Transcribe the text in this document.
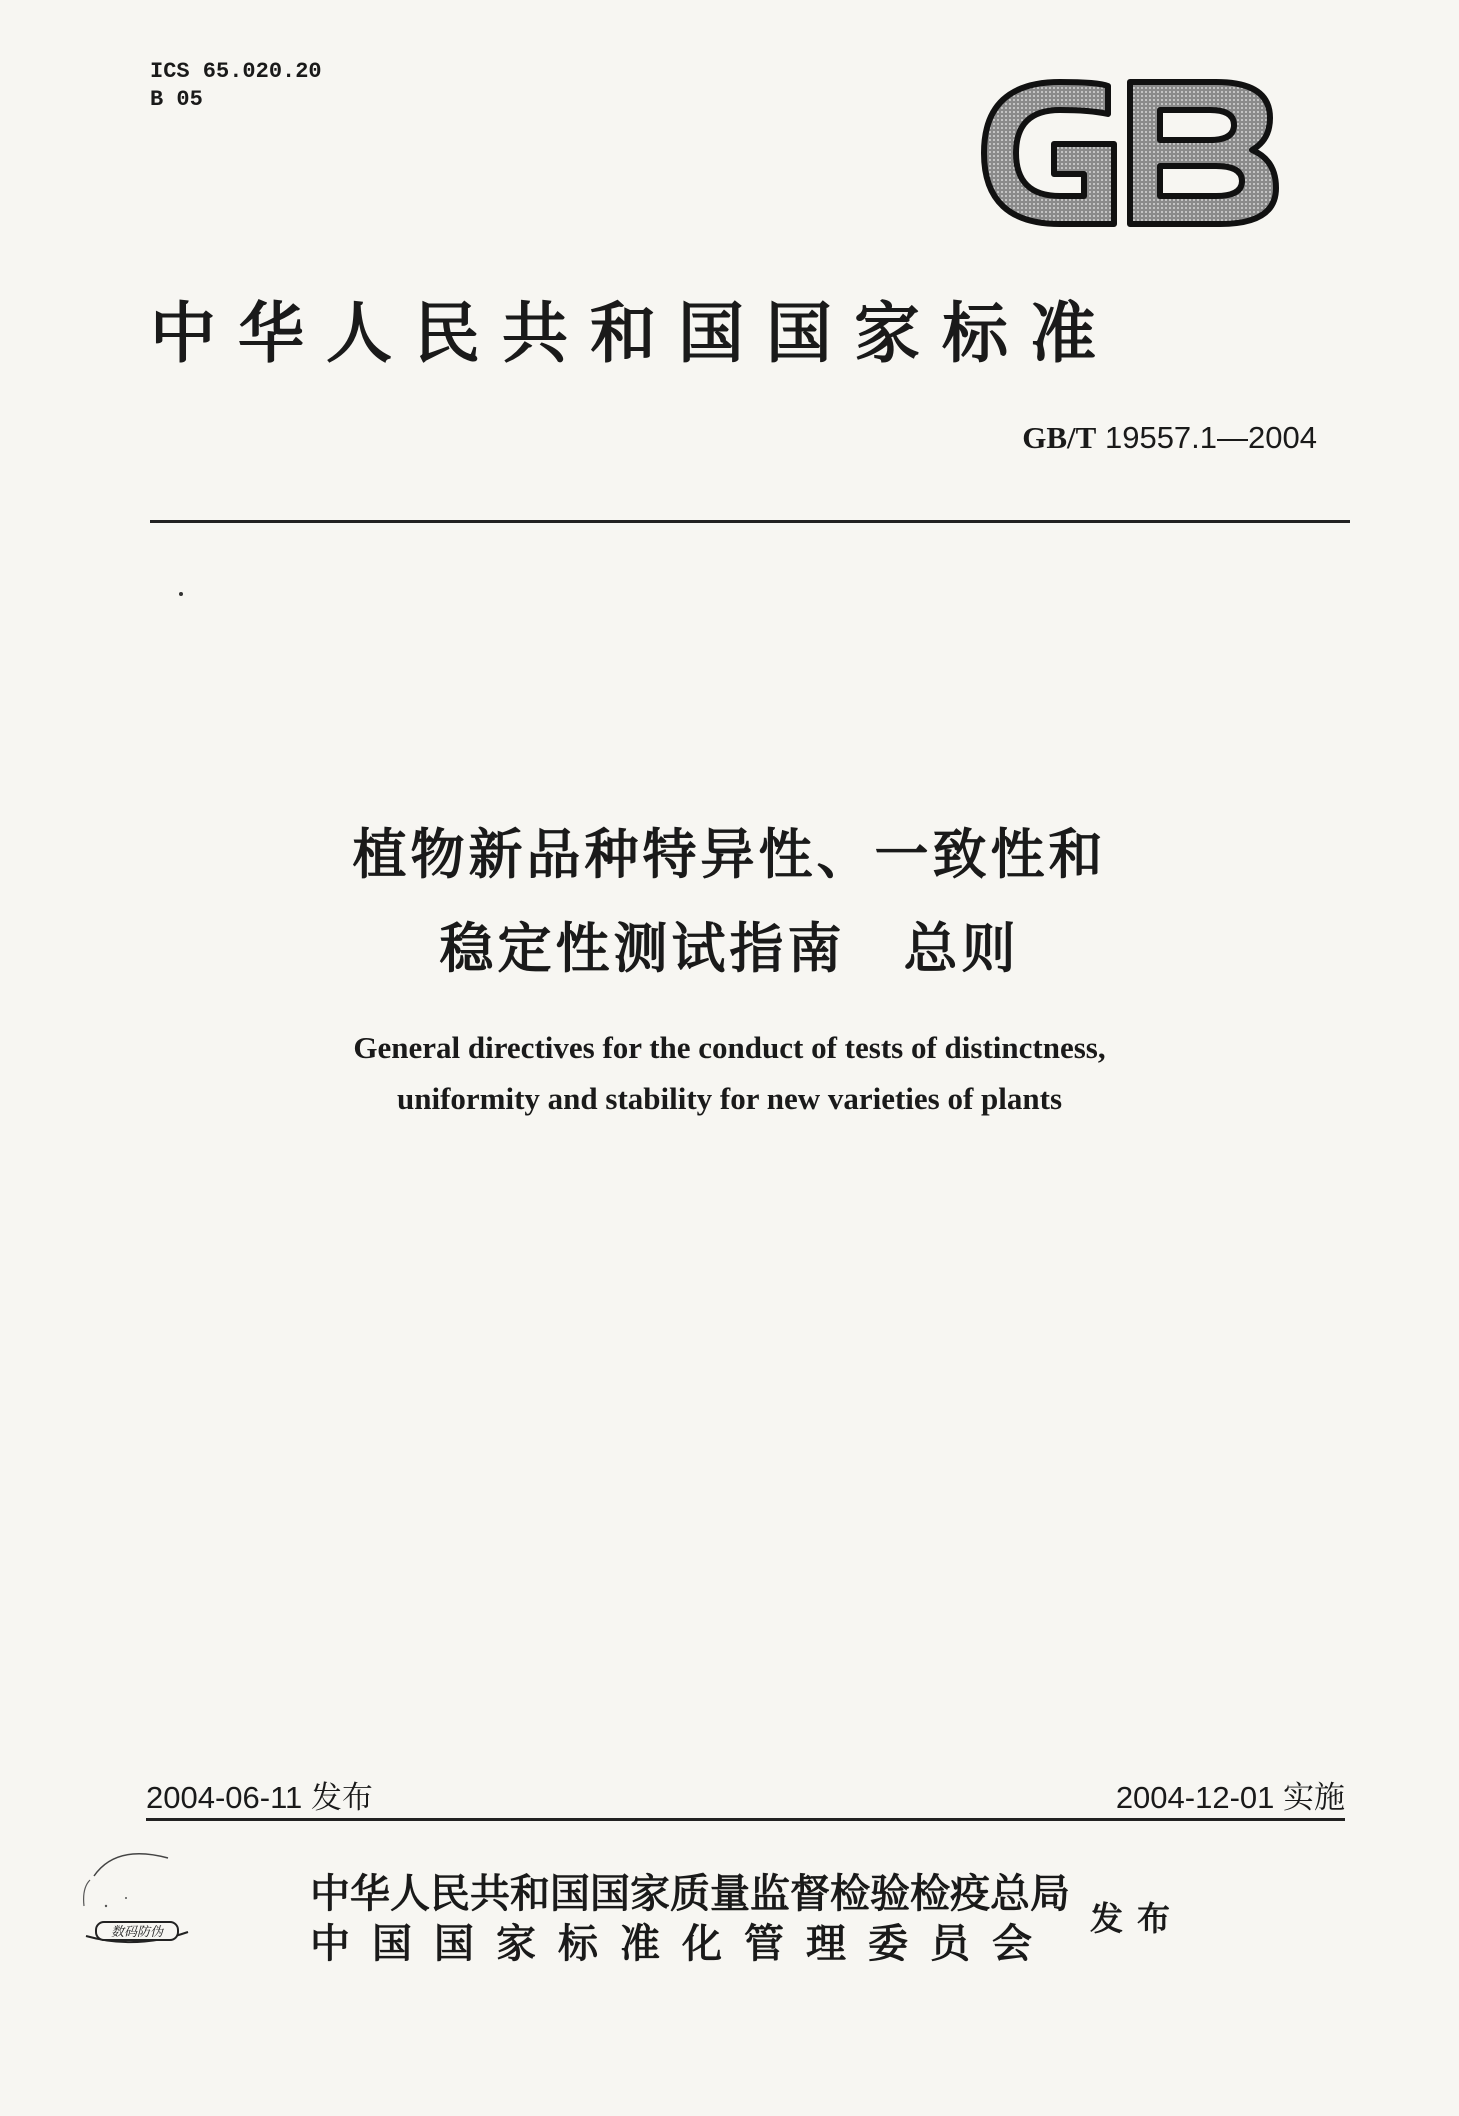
ICS 65.020.20
B 05
中华人民共和国国家标准
GB/T 19557.1—2004
植物新品种特异性、一致性和
稳定性测试指南　总则
General directives for the conduct of tests of distinctness,
uniformity and stability for new varieties of plants
2004-06-11 发布	2004-12-01 实施
数码防伪
中华人民共和国国家质量监督检验检疫总局
中国国家标准化管理委员会
发布
